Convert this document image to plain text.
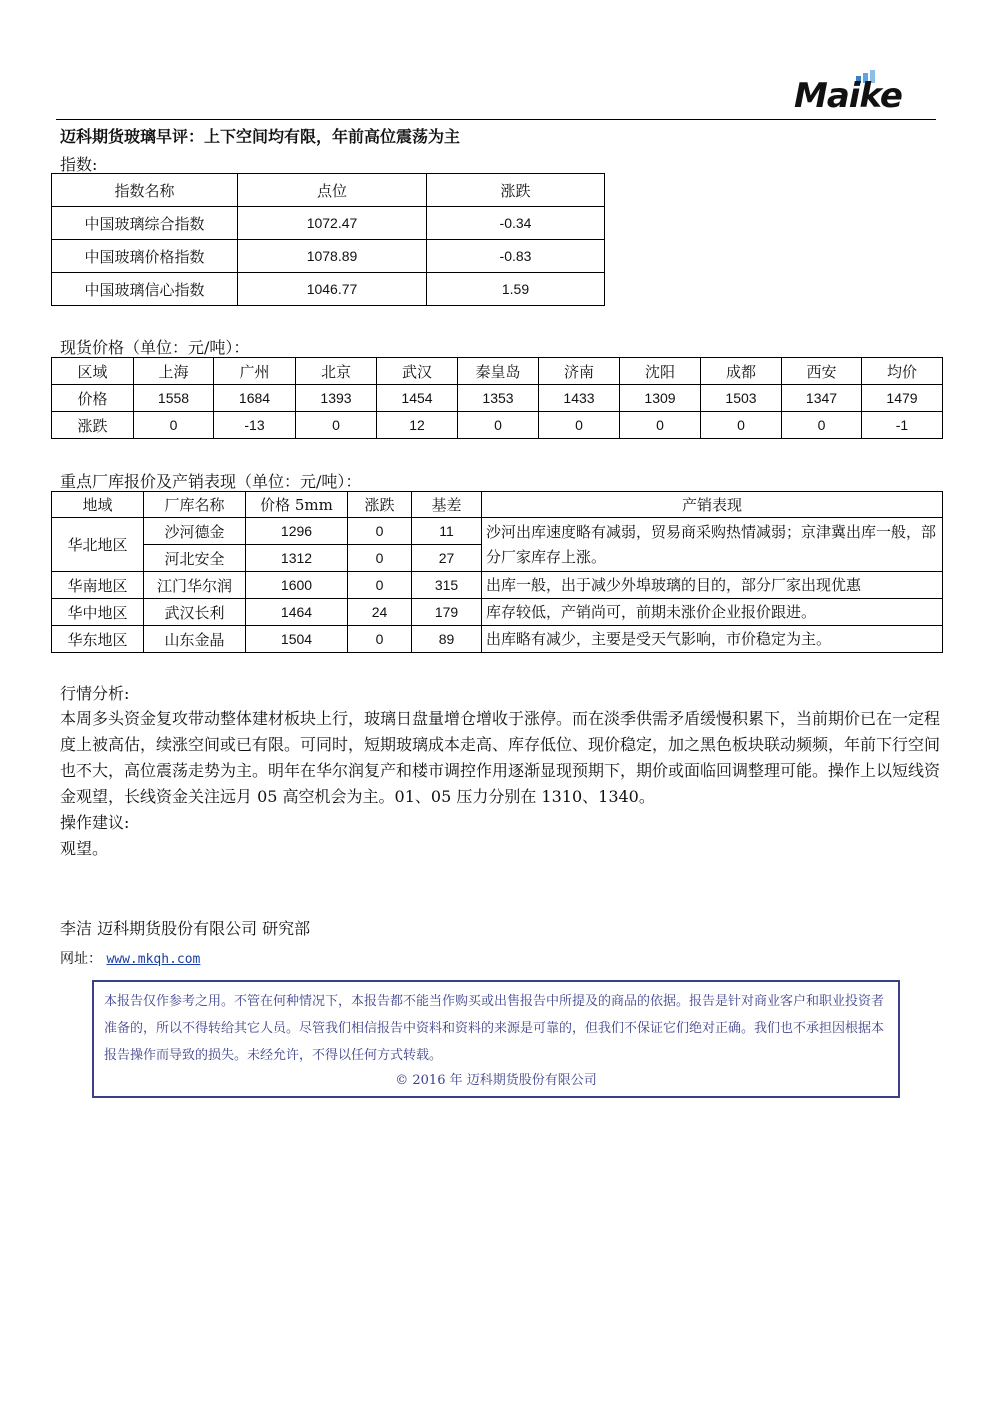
Maike
迈科期货玻璃早评：上下空间均有限，年前高位震荡为主
指数:
指数名称	点位	涨跌
中国玻璃综合指数	1072.47	-0.34
中国玻璃价格指数	1078.89	-0.83
中国玻璃信心指数	1046.77	1.59
现货价格（单位：元/吨）：
区域	上海	广州	北京	武汉	秦皇岛	济南	沈阳	成都	西安	均价
价格	1558	1684	1393	1454	1353	1433	1309	1503	1347	1479
涨跌	0	-13	0	12	0	0	0	0	0	-1
重点厂库报价及产销表现（单位：元/吨）：
地域	厂库名称	价格 5mm	涨跌	基差	产销表现
华北地区	沙河德金	1296	0	11	沙河出库速度略有减弱，贸易商采购热情减弱；京津冀出库一般，部分厂家库存上涨。
	河北安全	1312	0	27	
华南地区	江门华尔润	1600	0	315	出库一般，出于减少外埠玻璃的目的，部分厂家出现优惠
华中地区	武汉长利	1464	24	179	库存较低，产销尚可，前期未涨价企业报价跟进。
华东地区	山东金晶	1504	0	89	出库略有减少，主要是受天气影响，市价稳定为主。
行情分析:

本周多头资金复攻带动整体建材板块上行，玻璃日盘量增仓增收于涨停。而在淡季供需矛盾缓慢积累下，当前期价已在一定程度上被高估，续涨空间或已有限。可同时，短期玻璃成本走高、库存低位、现价稳定，加之黑色板块联动频频，年前下行空间也不大，高位震荡走势为主。明年在华尔润复产和楼市调控作用逐渐显现预期下，期价或面临回调整理可能。操作上以短线资金观望，长线资金关注远月 05 高空机会为主。01、05 压力分别在 1310、1340。

操作建议:

观望。

李洁 迈科期货股份有限公司 研究部
网址： www.mkqh.com

本报告仅作参考之用。不管在何种情况下，本报告都不能当作购买或出售报告中所提及的商品的依据。报告是针对商业客户和职业投资者准备的，所以不得转给其它人员。尽管我们相信报告中资料和资料的来源是可靠的，但我们不保证它们绝对正确。我们也不承担因根据本报告操作而导致的损失。未经允许，不得以任何方式转载。

© 2016 年 迈科期货股份有限公司
